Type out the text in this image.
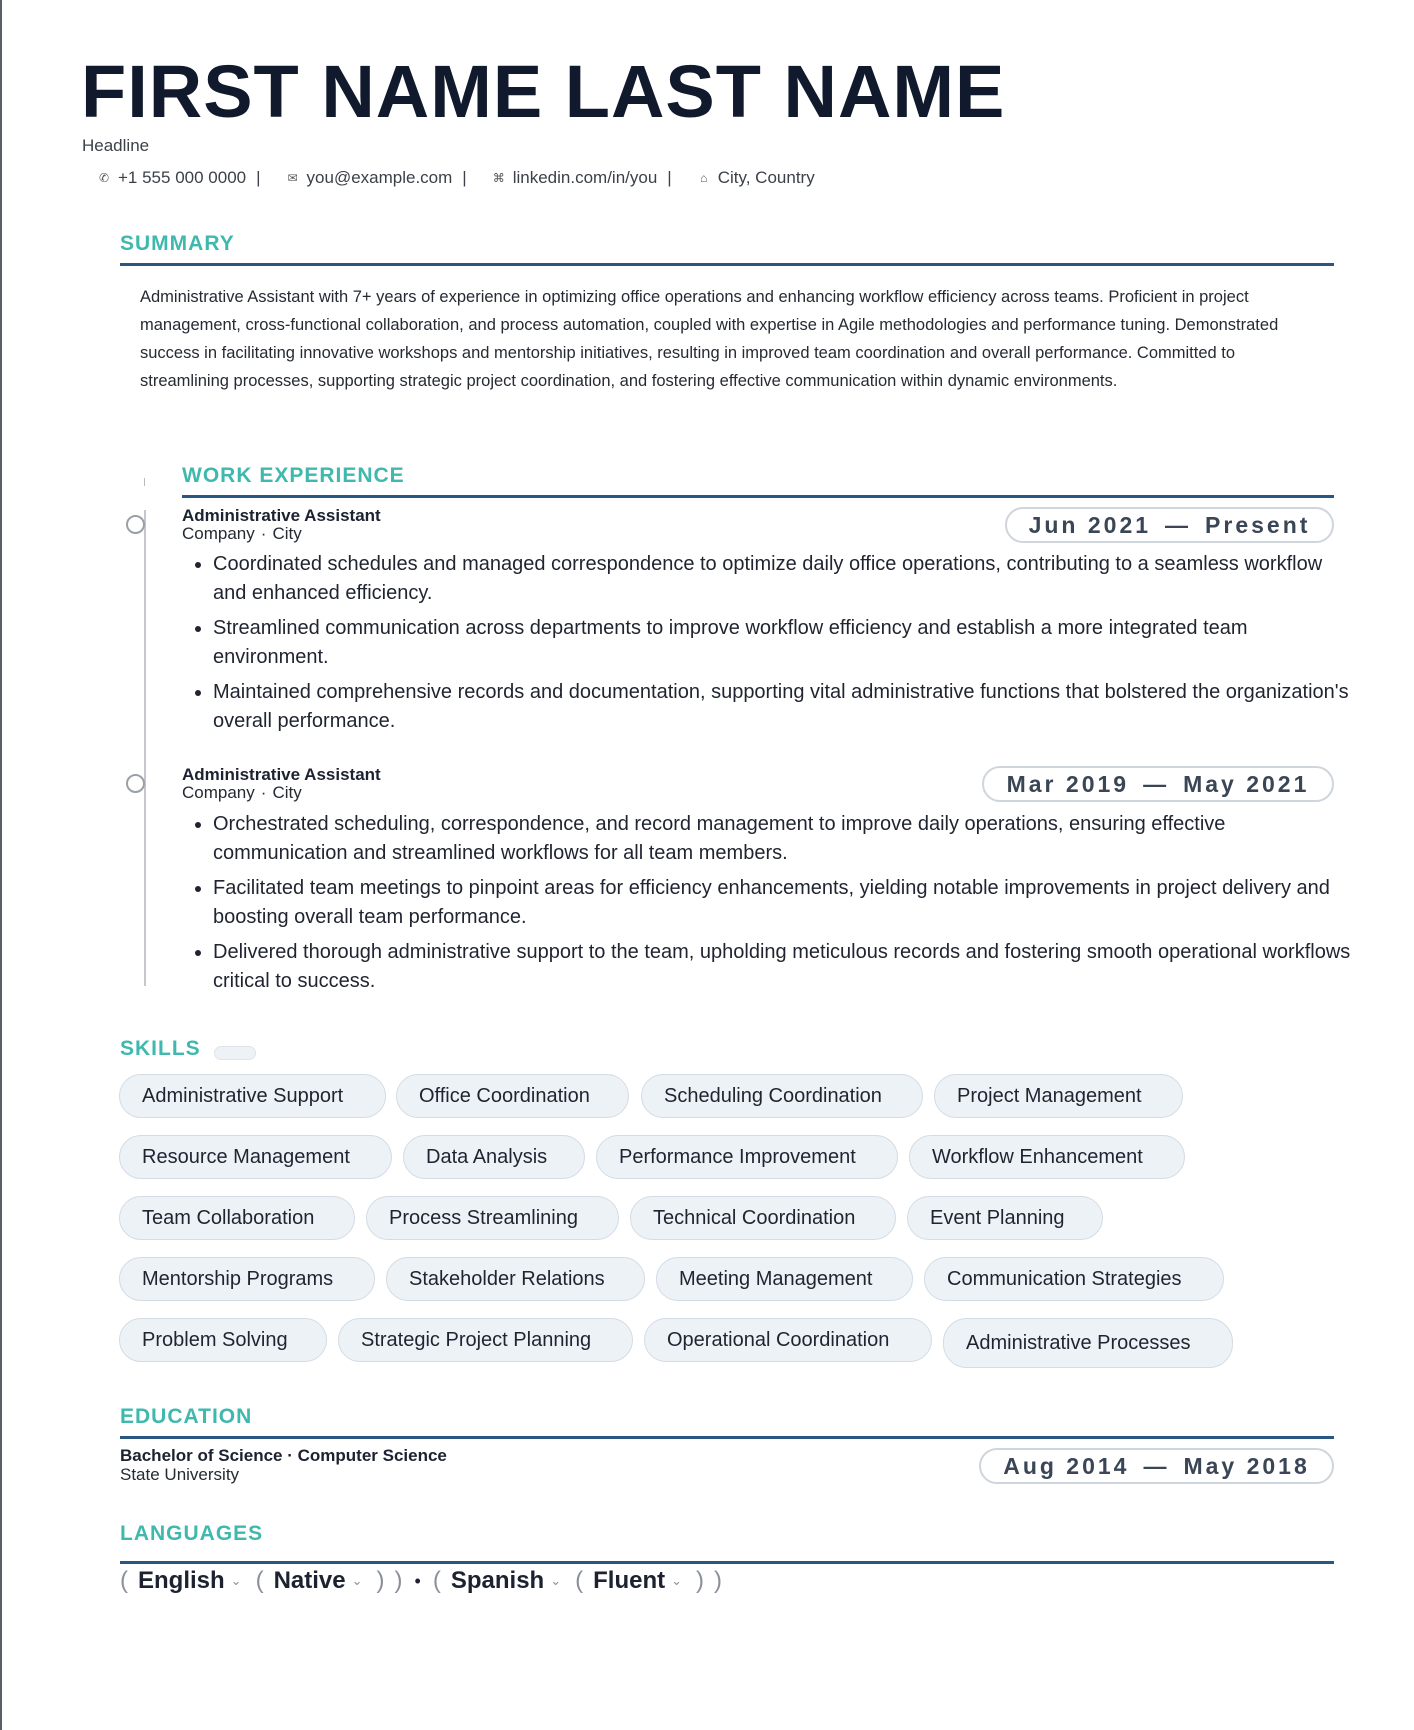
FIRST NAME LAST NAME
Headline
✆ +1 555 000 0000 |	✉ you@example.com |	⌘ linkedin.com/in/you |	⌂ City, Country
SUMMARY

Administrative Assistant with 7+ years of experience in optimizing office operations and enhancing workflow efficiency across teams. Proficient in project management, cross-functional collaboration, and process automation, coupled with expertise in Agile methodologies and performance tuning. Demonstrated success in facilitating innovative workshops and mentorship initiatives, resulting in improved team coordination and overall performance. Committed to streamlining processes, supporting strategic project coordination, and fostering effective communication within dynamic environments.

WORK EXPERIENCE
Administrative Assistant
Company · City	Jun 2021 — Present
• Coordinated schedules and managed correspondence to optimize daily office operations, contributing to a seamless workflow and enhanced efficiency.
• Streamlined communication across departments to improve workflow efficiency and establish a more integrated team environment.
• Maintained comprehensive records and documentation, supporting vital administrative functions that bolstered the organization's overall performance.
Administrative Assistant
Company · City	Mar 2019 — May 2021
• Orchestrated scheduling, correspondence, and record management to improve daily operations, ensuring effective communication and streamlined workflows for all team members.
• Facilitated team meetings to pinpoint areas for efficiency enhancements, yielding notable improvements in project delivery and boosting overall team performance.
• Delivered thorough administrative support to the team, upholding meticulous records and fostering smooth operational workflows critical to success.
SKILLS
Administrative Support	Office Coordination	Scheduling Coordination	Project Management
Resource Management	Data Analysis	Performance Improvement	Workflow Enhancement
Team Collaboration	Process Streamlining	Technical Coordination	Event Planning
Mentorship Programs	Stakeholder Relations	Meeting Management	Communication Strategies
Problem Solving	Strategic Project Planning	Operational Coordination	Administrative Processes
EDUCATION
Bachelor of Science · Computer Science
State University	Aug 2014 — May 2018
LANGUAGES
( English ⌄ ( Native ⌄ ) ) • ( Spanish ⌄ ( Fluent ⌄ ) )
